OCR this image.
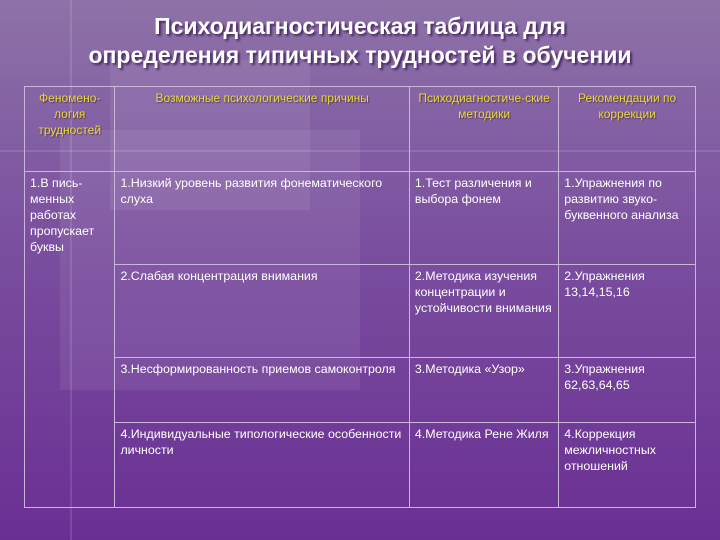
Психодиагностическая таблица для
определения типичных трудностей в обучении
Феномено-логия трудностей	Возможные психологические причины	Психодиагностиче-ские методики	Рекомендации по коррекции
1.В пись-менных работах пропускает буквы	1.Низкий уровень развития фонематического слуха	1.Тест различения и выбора фонем	1.Упражнения по развитию звуко-буквенного анализа
	2.Слабая концентрация внимания	2.Методика изучения концентрации и устойчивости внимания	2.Упражнения 13,14,15,16
	3.Несформированность приемов самоконтроля	3.Методика «Узор»	3.Упражнения 62,63,64,65
	4.Индивидуальные типологические особенности личности	4.Методика Рене Жиля	4.Коррекция межличностных отношений
